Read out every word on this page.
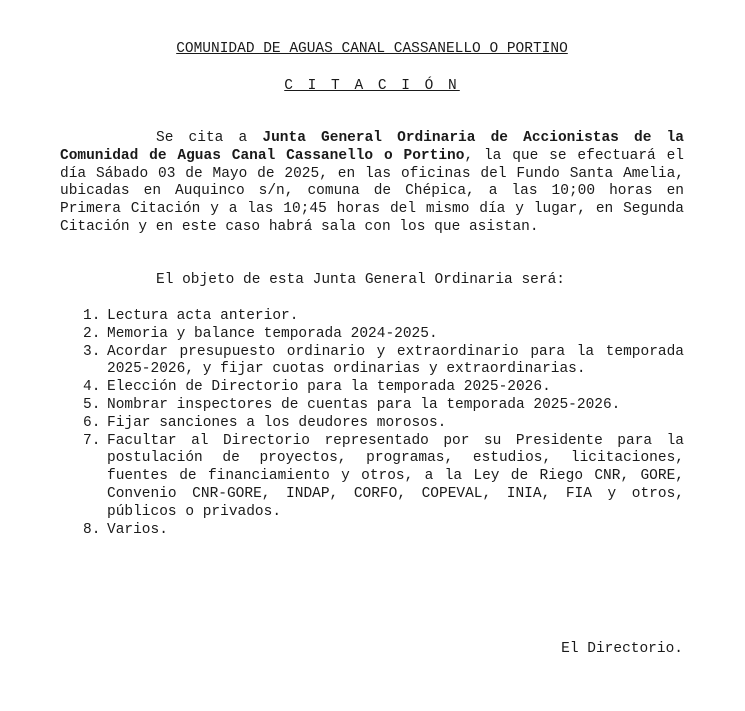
COMUNIDAD DE AGUAS CANAL CASSANELLO O PORTINO
C I T A C I Ó N
Se cita a Junta General Ordinaria de Accionistas de la Comunidad de Aguas Canal Cassanello o Portino, la que se efectuará el día Sábado 03 de Mayo de 2025, en las oficinas del Fundo Santa Amelia, ubicadas en Auquinco s/n, comuna de Chépica, a las 10;00 horas en Primera Citación y a las 10;45 horas del mismo día y lugar, en Segunda Citación y en este caso habrá sala con los que asistan.
El objeto de esta Junta General Ordinaria será:
1. Lectura acta anterior.
2. Memoria y balance temporada 2024-2025.
3. Acordar presupuesto ordinario y extraordinario para la temporada 2025-2026, y fijar cuotas ordinarias y extraordinarias.
4. Elección de Directorio para la temporada 2025-2026.
5. Nombrar inspectores de cuentas para la temporada 2025-2026.
6. Fijar sanciones a los deudores morosos.
7. Facultar al Directorio representado por su Presidente para la postulación de proyectos, programas, estudios, licitaciones, fuentes de financiamiento y otros, a la Ley de Riego CNR, GORE, Convenio CNR-GORE, INDAP, CORFO, COPEVAL, INIA, FIA y otros, públicos o privados.
8. Varios.
El Directorio.
